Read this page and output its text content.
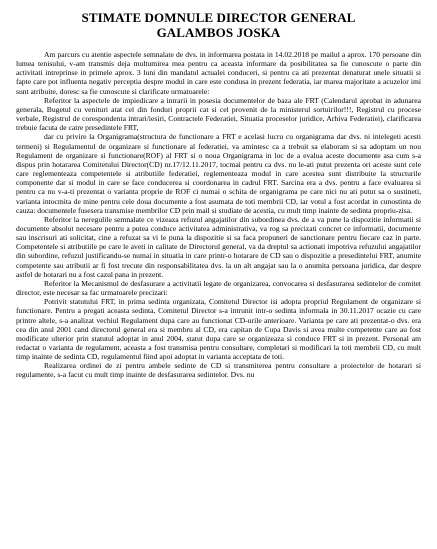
STIMATE DOMNULE DIRECTOR GENERAL
GALAMBOS JOSKA

Am parcurs cu atentie aspectele semnalate de dvs. in informarea postata in 14.02.2018 pe mailul a aprox. 170 persoane din lumea tenisului, v-am transmis deja multumirea mea pentru ca aceasta informare da posibilitatea sa fie cunoscute o parte din activitati intreprinse in primele aprox. 3 luni din mandatul actualei conduceri, si pentru ca ati prezentat denaturat unele situatii si fapte care pot influenta negativ perceptia despre modul in care este condusa in prezent federatia, iar marea majoritate a acuzelor imi sunt atribuite, doresc sa fie cunoscute si clarificate urmatoarele:

Referitor la aspectele de impiedicare a intrarii in posesia documentelor de baza ale FRT (Calendarul aprobat in adunarea generala, Bugetul cu venituri atat cel din fonduri proprii cat si cel provenit de la ministerul sortuirilor!!!, Registrul cu procese verbale, Registrul de corespondenta intrari/iesiri, Contractele Federatiei, Situatia proceselor juridice, Arhiva Federatiei), clarificarea trebuie facuta de catre presedintele FRT,

dar cu privire la Organigrama(structura de functionare a FRT e acelasi lucru cu organigrama dar dvs. ni intelegeti acesti termeni) si Regulamentul de organizare si functionare al federatiei, va amintesc ca a trebuit sa elaboram si sa adoptam un nou Regulament de organizare si functionare(ROF) al FRT si o noua Organigrama in loc de a evalua aceste documente asa cum s-a dispus prin hotararea Comitetului Director(CD) nr.17/12.11.2017, tocmai pentru ca dvs. nu le-ati putut prezenta ori aceste sunt cele care reglementeaza competentele si atributiile federatiei, reglementeaza modul in care acestea sunt distribuite la structurile componente dar si modul in care se face conducerea si coordonarea in cadrul FRT. Sarcina era a dvs. pentru a face evaluarea si pentru ca nu v-a-ti prezentat o varianta proprie de ROF ci numai o schita de organigrama pe care nici nu ati putut sa o sustineti, varianta intocmita de mine pentru cele doua documente a fost asumata de toti membrii CD, iar votul a fost acordat in cunostinta de cauza: documentele fusesera transmise membrilor CD prin mail si studiate de acestia, cu mult timp inainte de sedinta propriu-zisa.

Referitor la neregulile semnalate ce vizeaza refuzul angajatilor din subordinea dvs. de a va pune la dispozitie informatii si documente absolut necesare pentru a putea conduce activitatea administrativa, va rog sa precizati concret ce informatii, documente sau inscrisuri ati solicitat, cine a refuzat sa vi le puna la dispozitie si sa faca propuneri de sanctionare pentru fiecare caz in parte. Competentele si atributiile pe care le aveti in calitate de Directorul general, va da dreptul sa actionati impotriva refuzului angajatilor din subordine, refuzul justificandu-se numai in situatia in care printr-o hotarare de CD sau o dispozitie a presedintelui FRT, anumite competente sau atributii ar fi fost trecute din responsabilitatea dvs. la un alt angajat sau la o anumita persoana juridica, dar despre astfel de hotarari nu a fost cazul pana in prezent.

Referitor la Mecanismul de desfasurare a activitatii legate de organizarea, convocarea si desfasurarea sedintelor de comitet director, este necesar sa fac urmatoarele precizari:

Potrivit statutului FRT, in prima sedinta organizata, Comitetul Director isi adopta propriul Regulament de organizare si functionare. Pentru a pregati aceasta sedinta, Comitetul Director s-a intrunit intr-o sedinta informala in 30.11.2017 ocazie cu care printre altele, s-a analizat vechiul Regulament dupa care au functionat CD-urile anterioare. Varianta pe care ati prezentat-o dvs. era cea din anul 2001 cand directorul general era si membru al CD, era capitan de Cupa Davis si avea multe competente care au fost modificate ulterior prin statutul adoptat in anul 2004, statut dupa care se organizeaza si conduce FRT si in prezent. Personal am redactat o varianta de regulament, aceasta a fost transmisa pentru consultare, completari si modificari la toti membrii CD, cu mult timp inainte de sedinta CD, regulamentul fiind apoi adoptat in varianta acceptata de toti.

Realizarea ordinei de zi pentru ambele sedinte de CD si transmiterea pentru consultare a proiectelor de hotarari si regulamente, s-a facut cu mult timp inainte de desfasurarea sedintelor. Dvs. nu
